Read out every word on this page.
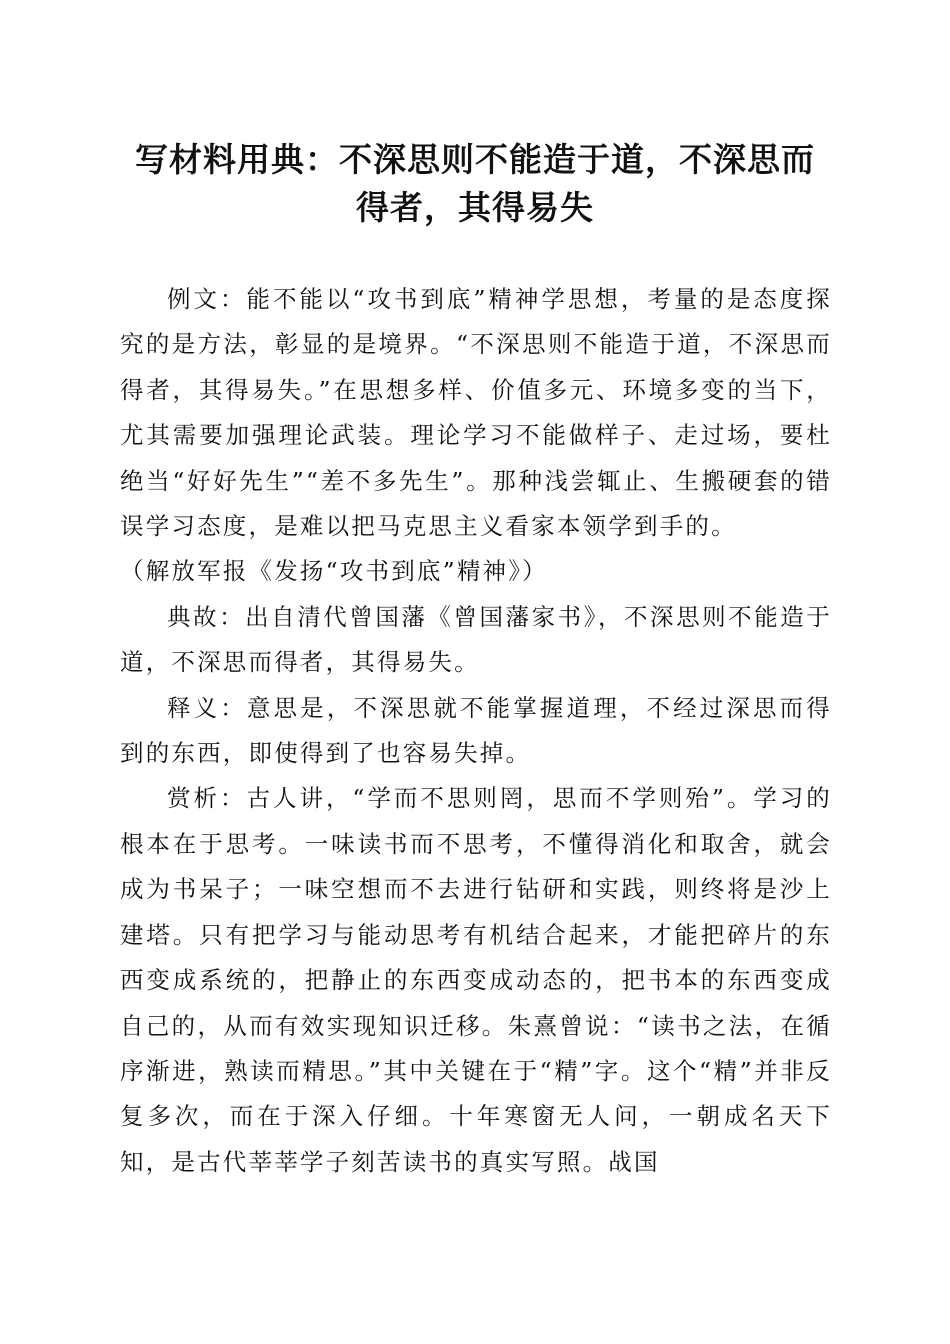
写材料用典：不深思则不能造于道，不深思而
得者，其得易失

例文：能不能以“攻书到底”精神学思想，考量的是态度探究的是方法，彰显的是境界。“不深思则不能造于道，不深思而得者，其得易失。”在思想多样、价值多元、环境多变的当下，尤其需要加强理论武装。理论学习不能做样子、走过场，要杜绝当“好好先生”“差不多先生”。那种浅尝辄止、生搬硬套的错误学习态度，是难以把马克思主义看家本领学到手的。

（解放军报《发扬“攻书到底”精神》）

典故：出自清代曾国藩《曾国藩家书》，不深思则不能造于道，不深思而得者，其得易失。

释义：意思是，不深思就不能掌握道理，不经过深思而得到的东西，即使得到了也容易失掉。

赏析：古人讲，“学而不思则罔，思而不学则殆”。学习的根本在于思考。一味读书而不思考，不懂得消化和取舍，就会成为书呆子；一味空想而不去进行钻研和实践，则终将是沙上建塔。只有把学习与能动思考有机结合起来，才能把碎片的东西变成系统的，把静止的东西变成动态的，把书本的东西变成自己的，从而有效实现知识迁移。朱熹曾说：“读书之法，在循序渐进，熟读而精思。”其中关键在于“精”字。这个“精”并非反复多次，而在于深入仔细。十年寒窗无人问，一朝成名天下知，是古代莘莘学子刻苦读书的真实写照。战国
